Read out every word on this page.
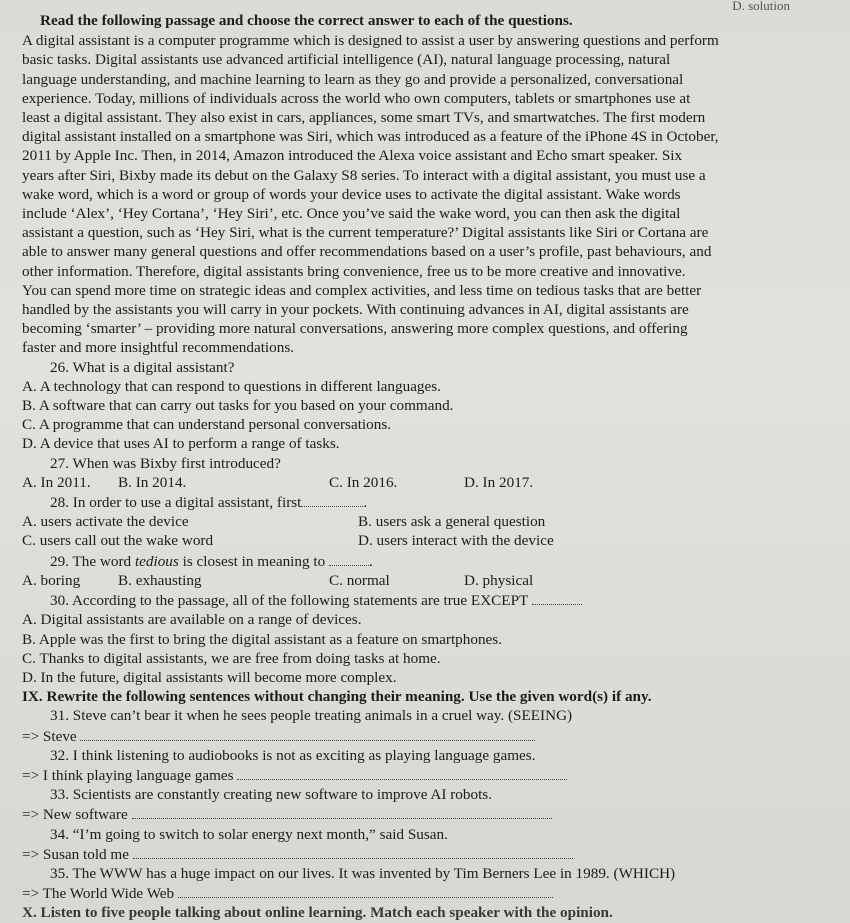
D. solution
Read the following passage and choose the correct answer to each of the questions.
A digital assistant is a computer programme which is designed to assist a user by answering questions and perform
basic tasks. Digital assistants use advanced artificial intelligence (AI), natural language processing, natural
language understanding, and machine learning to learn as they go and provide a personalized, conversational
experience. Today, millions of individuals across the world who own computers, tablets or smartphones use at
least a digital assistant. They also exist in cars, appliances, some smart TVs, and smartwatches. The first modern
digital assistant installed on a smartphone was Siri, which was introduced as a feature of the iPhone 4S in October,
2011 by Apple Inc. Then, in 2014, Amazon introduced the Alexa voice assistant and Echo smart speaker. Six
years after Siri, Bixby made its debut on the Galaxy S8 series. To interact with a digital assistant, you must use a
wake word, which is a word or group of words your device uses to activate the digital assistant. Wake words
include ‘Alex’, ‘Hey Cortana’, ‘Hey Siri’, etc. Once you’ve said the wake word, you can then ask the digital
assistant a question, such as ‘Hey Siri, what is the current temperature?’ Digital assistants like Siri or Cortana are
able to answer many general questions and offer recommendations based on a user’s profile, past behaviours, and
other information. Therefore, digital assistants bring convenience, free us to be more creative and innovative.
You can spend more time on strategic ideas and complex activities, and less time on tedious tasks that are better
handled by the assistants you will carry in your pockets. With continuing advances in AI, digital assistants are
becoming ‘smarter’ – providing more natural conversations, answering more complex questions, and offering
faster and more insightful recommendations.
26. What is a digital assistant?
A. A technology that can respond to questions in different languages.
B. A software that can carry out tasks for you based on your command.
C. A programme that can understand personal conversations.
D. A device that uses AI to perform a range of tasks.
27. When was Bixby first introduced?
A. In 2011.	B. In 2014.	C. In 2016.	D. In 2017.
28. In order to use a digital assistant, first	.
A. users activate the device	B. users ask a general question
C. users call out the wake word	D. users interact with the device
29. The word tedious is closest in meaning to	.
A. boring	B. exhausting	C. normal	D. physical
30. According to the passage, all of the following statements are true EXCEPT
A. Digital assistants are available on a range of devices.
B. Apple was the first to bring the digital assistant as a feature on smartphones.
C. Thanks to digital assistants, we are free from doing tasks at home.
D. In the future, digital assistants will become more complex.
IX. Rewrite the following sentences without changing their meaning. Use the given word(s) if any.
31. Steve can’t bear it when he sees people treating animals in a cruel way. (SEEING)
=> Steve
32. I think listening to audiobooks is not as exciting as playing language games.
=> I think playing language games
33. Scientists are constantly creating new software to improve AI robots.
=> New software
34. “I’m going to switch to solar energy next month,” said Susan.
=> Susan told me
35. The WWW has a huge impact on our lives. It was invented by Tim Berners Lee in 1989. (WHICH)
=> The World Wide Web
X. Listen to five people talking about online learning. Match each speaker with the opinion.
